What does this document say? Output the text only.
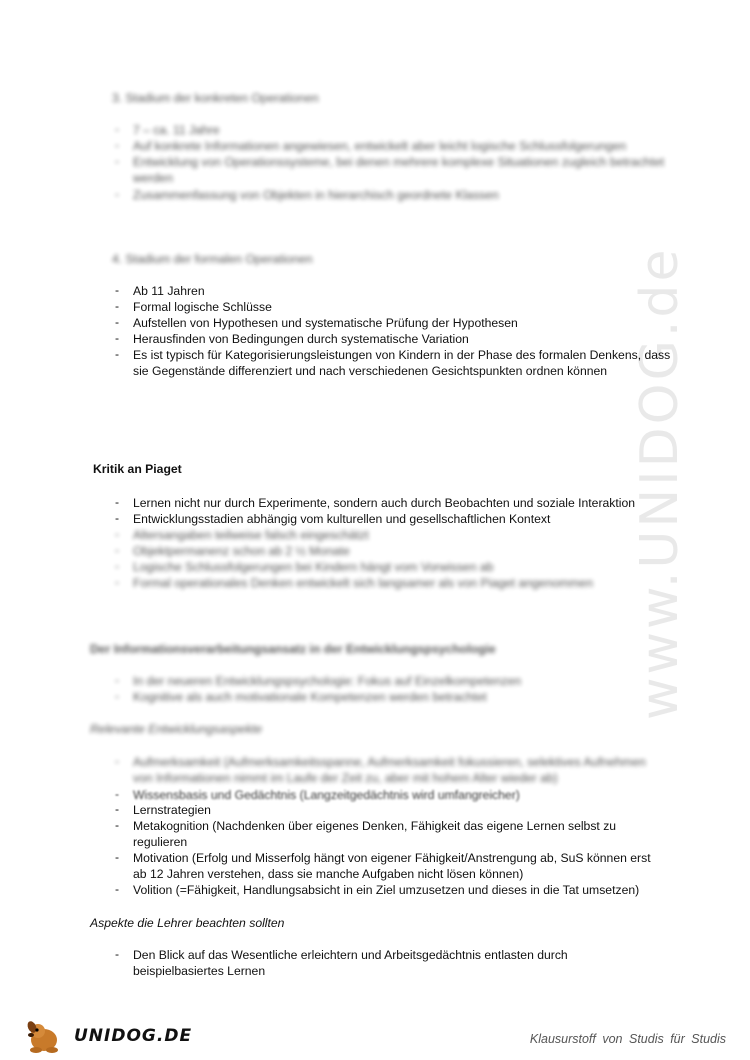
www.UNIDOG.de
3. Stadium der konkreten Operationen
- 7 – ca. 11 Jahre
- Auf konkrete Informationen angewiesen, entwickelt aber leicht logische Schlussfolgerungen
- Entwicklung von Operationssysteme, bei denen mehrere komplexe Situationen zugleich betrachtet
werden
- Zusammenfassung von Objekten in hierarchisch geordnete Klassen
4. Stadium der formalen Operationen
- Ab 11 Jahren
- Formal logische Schlüsse
- Aufstellen von Hypothesen und systematische Prüfung der Hypothesen
- Herausfinden von Bedingungen durch systematische Variation
- Es ist typisch für Kategorisierungsleistungen von Kindern in der Phase des formalen Denkens, dass
sie Gegenstände differenziert und nach verschiedenen Gesichtspunkten ordnen können
Kritik an Piaget
- Lernen nicht nur durch Experimente, sondern auch durch Beobachten und soziale Interaktion
- Entwicklungsstadien abhängig vom kulturellen und gesellschaftlichen Kontext
- Altersangaben teilweise falsch eingeschätzt
- Objektpermanenz schon ab 2 ½ Monate
- Logische Schlussfolgerungen bei Kindern hängt vom Vorwissen ab
- Formal operationales Denken entwickelt sich langsamer als von Piaget angenommen
Der Informationsverarbeitungsansatz in der Entwicklungspsychologie
- In der neueren Entwicklungspsychologie: Fokus auf Einzelkompetenzen
- Kognitive als auch motivationale Kompetenzen werden betrachtet
Relevante Entwicklungsaspekte
- Aufmerksamkeit (Aufmerksamkeitsspanne, Aufmerksamkeit fokussieren, selektives Aufnehmen
von Informationen nimmt im Laufe der Zeit zu, aber mit hohem Alter wieder ab)
- Wissensbasis und Gedächtnis (Langzeitgedächtnis wird umfangreicher)
- Lernstrategien
- Metakognition (Nachdenken über eigenes Denken, Fähigkeit das eigene Lernen selbst zu
regulieren
- Motivation (Erfolg und Misserfolg hängt von eigener Fähigkeit/Anstrengung ab, SuS können erst
ab 12 Jahren verstehen, dass sie manche Aufgaben nicht lösen können)
- Volition (=Fähigkeit, Handlungsabsicht in ein Ziel umzusetzen und dieses in die Tat umsetzen)
Aspekte die Lehrer beachten sollten
- Den Blick auf das Wesentliche erleichtern und Arbeitsgedächtnis entlasten durch
beispielbasiertes Lernen
UNIDOG.DE	Klausurstoff von Studis für Studis
